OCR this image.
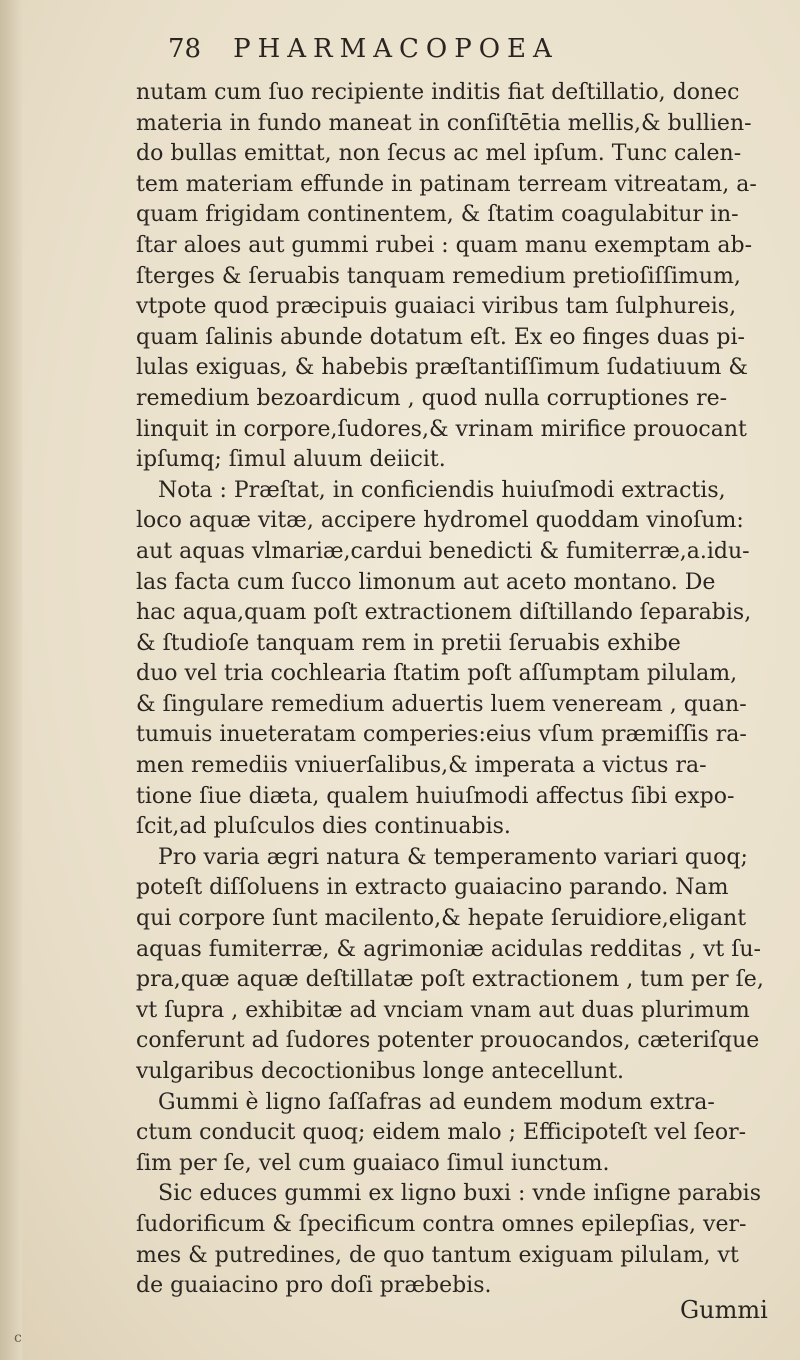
78 PHARMACOPOEA
nutam cum ſuo recipiente inditis fiat deſtillatio, donec
materia in fundo maneat in conſiſtētia mellis,& bullien-
do bullas emittat, non ſecus ac mel ipſum. Tunc calen-
tem materiam effunde in patinam terream vitreatam, a-
quam frigidam continentem, & ſtatim coagulabitur in-
ſtar aloes aut gummi rubei : quam manu exemptam ab-
ſterges & ſeruabis tanquam remedium pretioſiſſimum,
vtpote quod præcipuis guaiaci viribus tam ſulphureis,
quam ſalinis abunde dotatum eſt. Ex eo finges duas pi-
lulas exiguas, & habebis præſtantiſſimum ſudatiuum &
remedium bezoardicum , quod nulla corruptiones re-
linquit in corpore,ſudores,& vrinam mirifice prouocant
ipſumq; ſimul aluum deiicit.
Nota : Præſtat, in conficiendis huiuſmodi extractis,
loco aquæ vitæ, accipere hydromel quoddam vinoſum:
aut aquas vlmariæ,cardui benedicti & fumiterræ,a.idu-
las facta cum ſucco limonum aut aceto montano. De
hac aqua,quam poſt extractionem diſtillando ſeparabis,
& ſtudioſe tanquam rem in pretii ſeruabis exhibe
duo vel tria cochlearia ſtatim poſt aſſumptam pilulam,
& ſingulare remedium aduertis luem veneream , quan-
tumuis inueteratam comperies:eius vſum præmiſſis ra-
men remediis vniuerſalibus,& imperata a victus ra-
tione ſiue diæta, qualem huiuſmodi affectus ſibi expo-
ſcit,ad pluſculos dies continuabis.
Pro varia ægri natura & temperamento variari quoq;
poteſt diſſoluens in extracto guaiacino parando. Nam
qui corpore ſunt macilento,& hepate ſeruidiore,eligant
aquas fumiterræ, & agrimoniæ acidulas redditas , vt ſu-
pra,quæ aquæ deſtillatæ poſt extractionem , tum per ſe,
vt ſupra , exhibitæ ad vnciam vnam aut duas plurimum
conferunt ad ſudores potenter prouocandos, cæteriſque
vulgaribus decoctionibus longe antecellunt.
Gummi è ligno ſaſſafras ad eundem modum extra-
ctum conducit quoq; eidem malo ; Efficipoteſt vel ſeor-
ſim per ſe, vel cum guaiaco ſimul iunctum.
Sic educes gummi ex ligno buxi : vnde inſigne parabis
ſudorificum & ſpecificum contra omnes epilepſias, ver-
mes & putredines, de quo tantum exiguam pilulam, vt
de guaiacino pro doſi præbebis.
Gummi
c
